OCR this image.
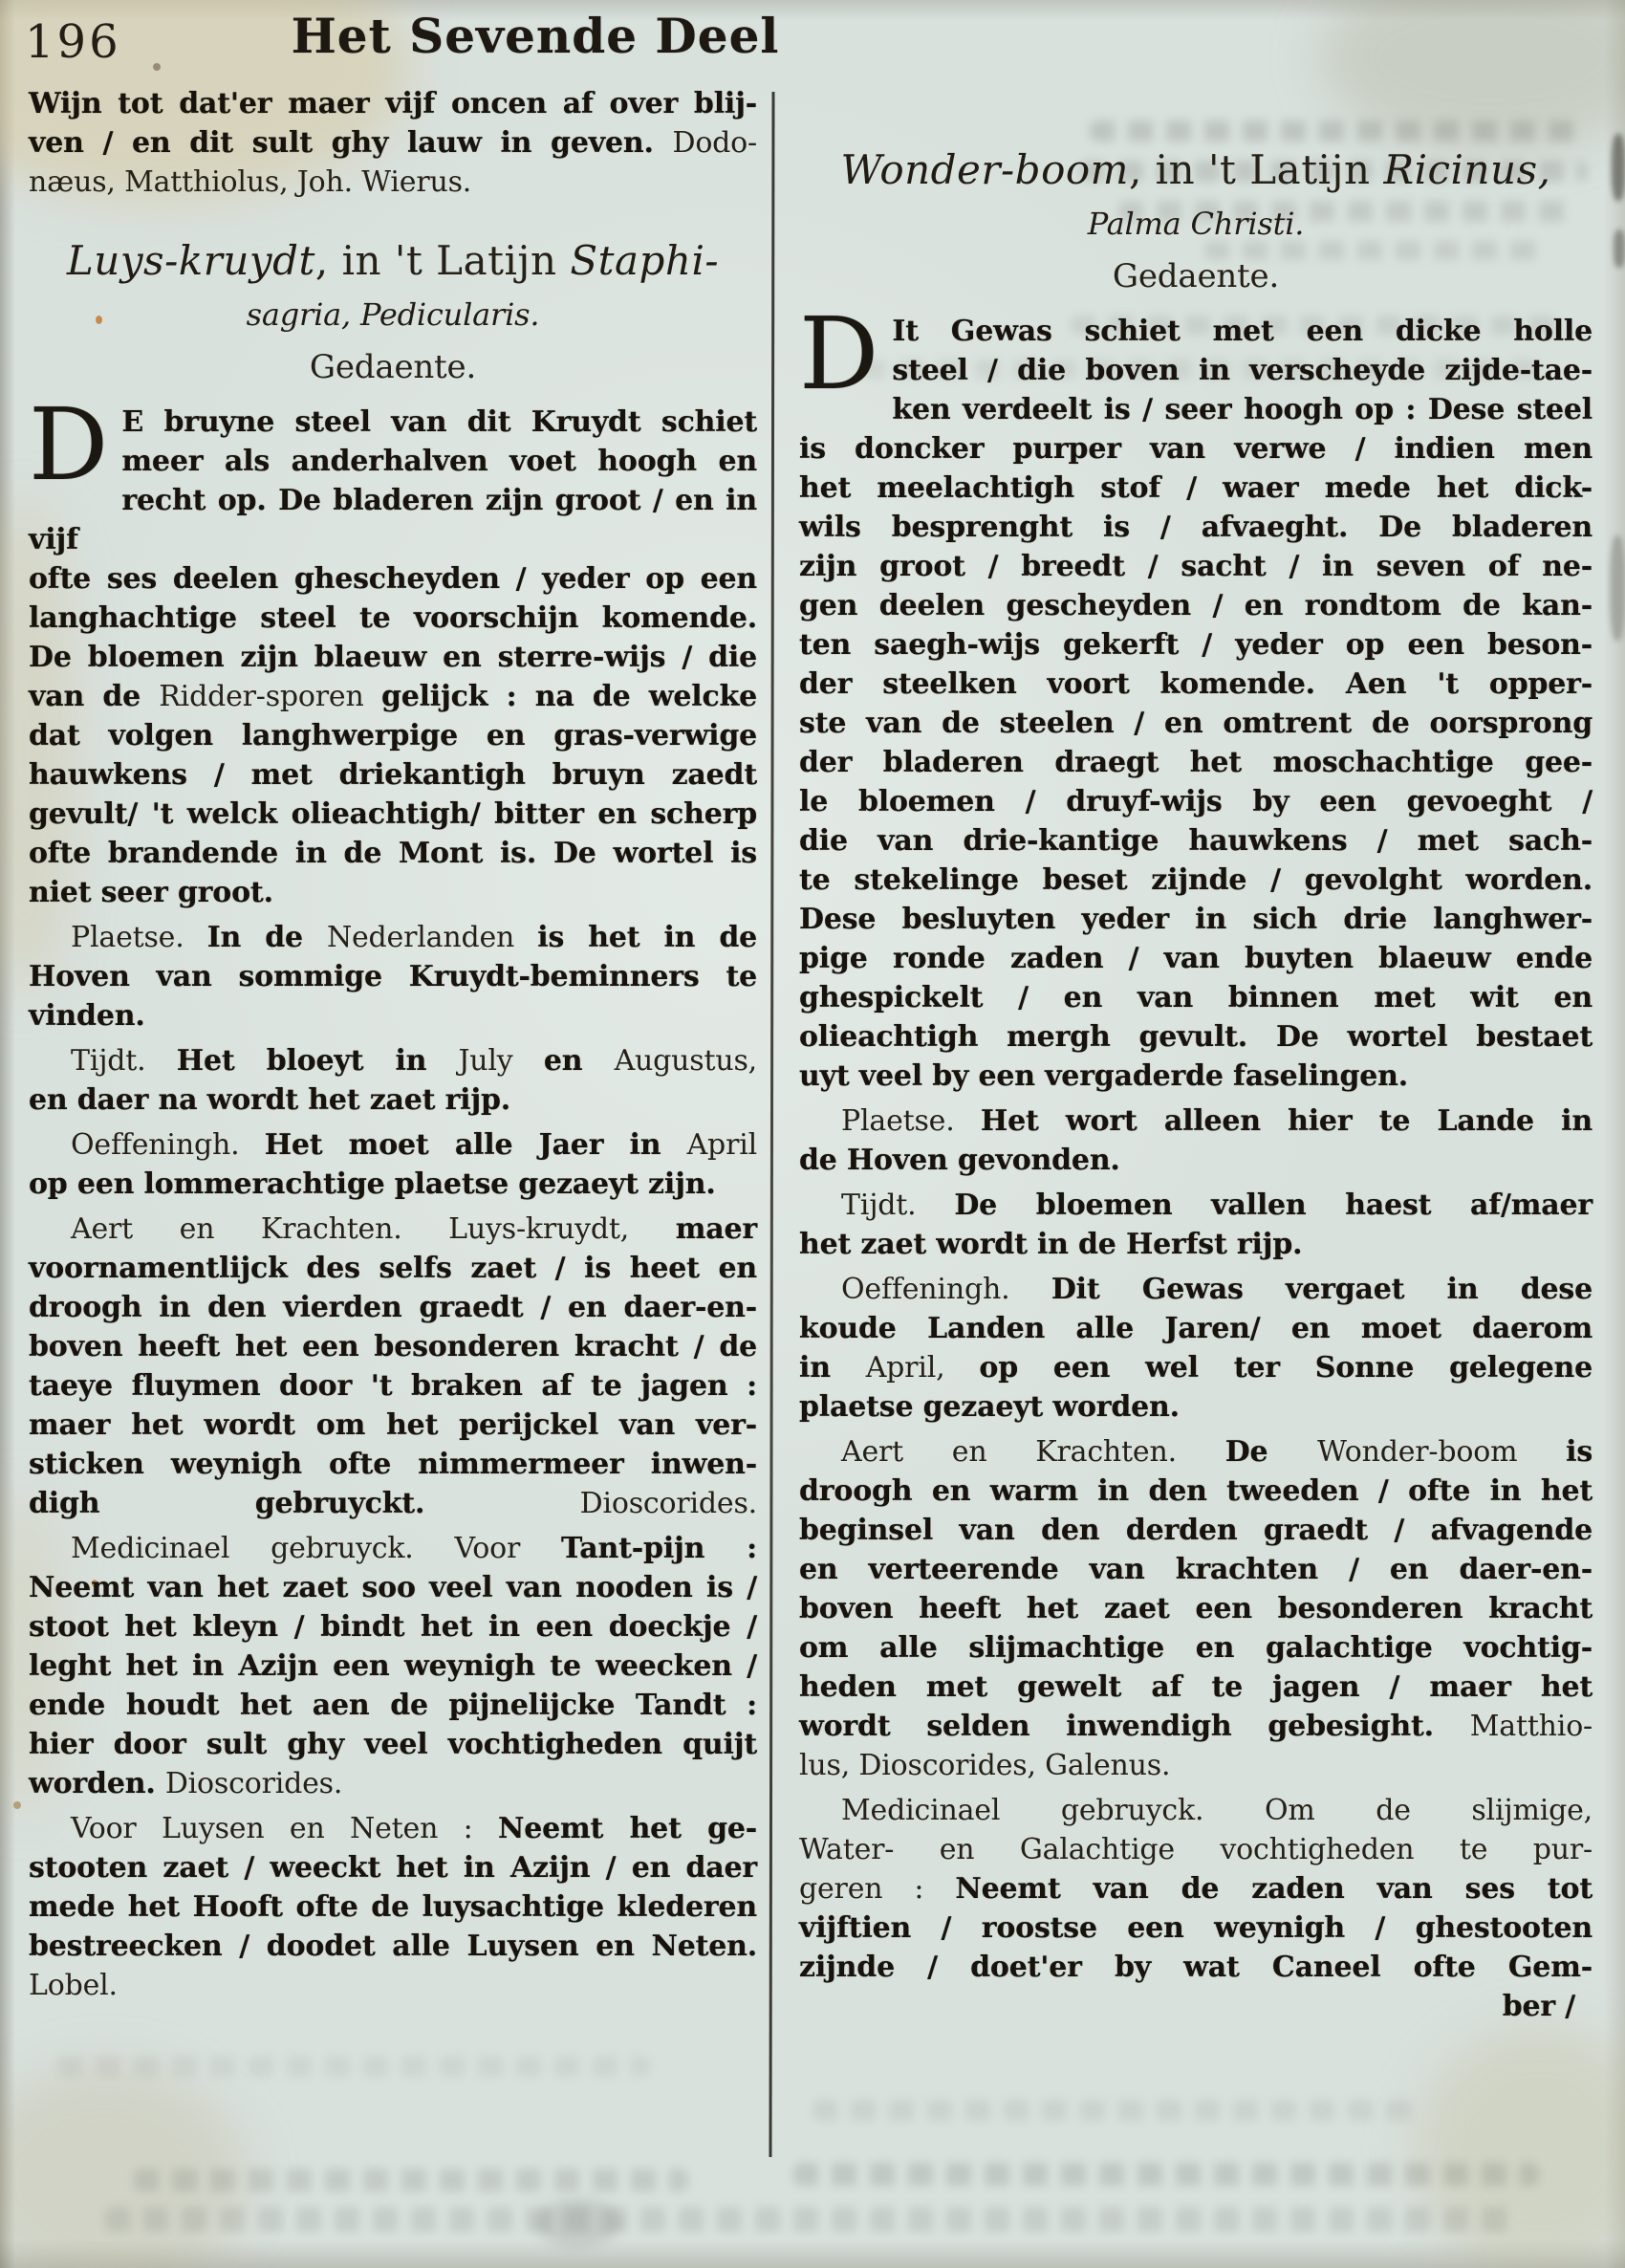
196	Het Sevende Deel
Wijn tot dat'er maer vijf oncen af over blij-
ven / en dit sult ghy lauw in geven. Dodo-
næus, Matthiolus, Joh. Wierus.
Luys-kruydt, in 't Latijn Staphi-
sagria, Pedicularis.
Gedaente.
D E bruyne steel van dit Kruydt schiet
meer als anderhalven voet hoogh en
recht op. De bladeren zijn groot / en in vijf
ofte ses deelen ghescheyden / yeder op een
langhachtige steel te voorschijn komende.
De bloemen zijn blaeuw en sterre-wijs / die
van de Ridder-sporen gelijck : na de welcke
dat volgen langhwerpige en gras-verwige
hauwkens / met driekantigh bruyn zaedt
gevult/ 't welck olieachtigh/ bitter en scherp
ofte brandende in de Mont is. De wortel is
niet seer groot.
Plaetse. In de Nederlanden is het in de
Hoven van sommige Kruydt-beminners te
vinden.
Tijdt. Het bloeyt in July en Augustus,
en daer na wordt het zaet rijp.
Oeffeningh. Het moet alle Jaer in April
op een lommerachtige plaetse gezaeyt zijn.
Aert en Krachten. Luys-kruydt, maer
voornamentlijck des selfs zaet / is heet en
droogh in den vierden graedt / en daer-en-
boven heeft het een besonderen kracht / de
taeye fluymen door 't braken af te jagen :
maer het wordt om het perijckel van ver-
sticken weynigh ofte nimmermeer inwen-
digh gebruyckt. Dioscorides.
Medicinael gebruyck. Voor Tant-pijn :
Neemt van het zaet soo veel van nooden is /
stoot het kleyn / bindt het in een doeckje /
leght het in Azijn een weynigh te weecken /
ende houdt het aen de pijnelijcke Tandt :
hier door sult ghy veel vochtigheden quijt
worden. Dioscorides.
Voor Luysen en Neten : Neemt het ge-
stooten zaet / weeckt het in Azijn / en daer
mede het Hooft ofte de luysachtige klederen
bestreecken / doodet alle Luysen en Neten.
Lobel.
Wonder-boom, in 't Latijn Ricinus,
Palma Christi.
Gedaente.
D It Gewas schiet met een dicke holle
steel / die boven in verscheyde zijde-tae-
ken verdeelt is / seer hoogh op : Dese steel
is doncker purper van verwe / indien men
het meelachtigh stof / waer mede het dick-
wils besprenght is / afvaeght. De bladeren
zijn groot / breedt / sacht / in seven of ne-
gen deelen gescheyden / en rondtom de kan-
ten saegh-wijs gekerft / yeder op een beson-
der steelken voort komende. Aen 't opper-
ste van de steelen / en omtrent de oorsprong
der bladeren draegt het moschachtige gee-
le bloemen / druyf-wijs by een gevoeght /
die van drie-kantige hauwkens / met sach-
te stekelinge beset zijnde / gevolght worden.
Dese besluyten yeder in sich drie langhwer-
pige ronde zaden / van buyten blaeuw ende
ghespickelt / en van binnen met wit en
olieachtigh mergh gevult. De wortel bestaet
uyt veel by een vergaderde faselingen.
Plaetse. Het wort alleen hier te Lande in
de Hoven gevonden.
Tijdt. De bloemen vallen haest af/maer
het zaet wordt in de Herfst rijp.
Oeffeningh. Dit Gewas vergaet in dese
koude Landen alle Jaren/ en moet daerom
in April, op een wel ter Sonne gelegene
plaetse gezaeyt worden.
Aert en Krachten. De Wonder-boom is
droogh en warm in den tweeden / ofte in het
beginsel van den derden graedt / afvagende
en verteerende van krachten / en daer-en-
boven heeft het zaet een besonderen kracht
om alle slijmachtige en galachtige vochtig-
heden met gewelt af te jagen / maer het
wordt selden inwendigh gebesight. Matthio-
lus, Dioscorides, Galenus.
Medicinael gebruyck. Om de slijmige,
Water- en Galachtige vochtigheden te pur-
geren : Neemt van de zaden van ses tot
vijftien / roostse een weynigh / ghestooten
zijnde / doet'er by wat Caneel ofte Gem-
ber /
